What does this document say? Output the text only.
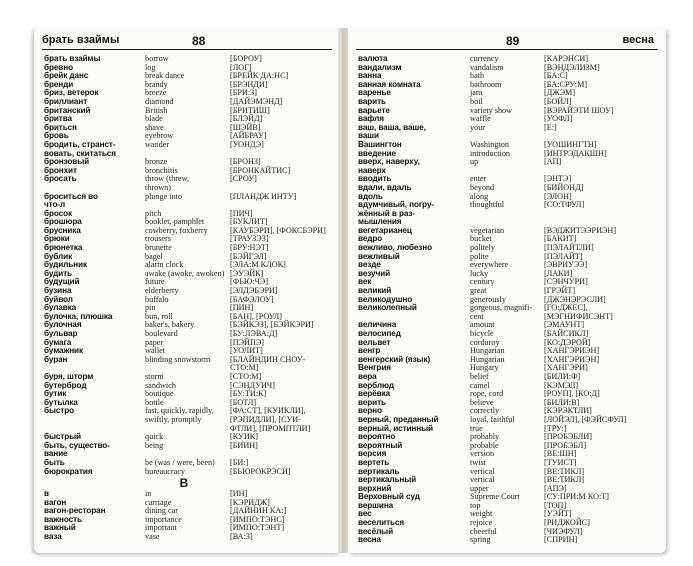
брать взаймы	88
брать взаймы	borrow	[БОРОУ]
бревно	log	[ЛОГ]
брейк данс	break dance	[БРЕЙК ДА:НС]
бренди	brandy	[БРЭНДИ]
бриз, ветерок	breeze	[БРИ:З]
бриллиант	diamond	[ДАЙЭМЭНД]
британский	British	[БРИТИШ]
бритва	blade	[БЛЭЙД]
бриться	shave	[ШЭЙВ]
бровь	eyebrow	[АЙБРАУ]
бродить, странст-	wander	[УОНДЭ]
вовать, скитаться
бронзовый	bronze	[БРОНЗ]
бронхит	bronchitis	[БРОНКАЙТИС]
бросать	throw (threw,	[СРОУ]
thrown)
броситься во	plunge into	[ПЛАНДЖ ИНТУ]
что-л
бросок	pitch	[ПИЧ]
брошюра	booklet, pamphlet	[БУКЛИТ]
брусника	cowberry, foxberry	[КАУБЭРИ], [ФОКСБЭРИ]
брюки	trousers	[ТРАУЗЭЗ]
брюнетка	brunette	[БРУ:НЭТ]
бублик	bagel	[БЭЙГЭЛ]
будильник	alarm clock	[ЭЛА:М КЛОК]
будить	awake (awoke, awoken) [ЭУЭЙК]
будущий	future	[ФЬЮ:ЧЭ]
бузина	elderberry	[ЭЛДЭБЭРИ]
буйвол	buffalo	[БАФЭЛОУ]
булавка	pin	[ПИН]
булочка, плюшка	bun, roll	[БАН], [РОУЛ]
булочная	baker's, bakery	[БЭЙКЭЗ], [БЭЙКЭРИ]
бульвар	boulevard	[БУ:ЛЭВА:Д]
бумага	paper	[ПЭЙПЭ]
бумажник	wallet	[УОЛИТ]
буран	blinding snowstorm [БЛАЙНДИН СНОУ-
СТО:М]
буря, шторм	storm	[СТО:М]
бутерброд	sandwich	[СЭНДУИЧ]
бутик	boutique	[БУ:ТИ:К]
бутылка	bottle	[БОТЛ]
быстро	fast, quickly, rapidly, [ФА:СТ], [КУИКЛИ],
swiftly, promptly	[РЭПИДЛИ], [СУИ-
ФТЛИ], [ПРОМПТЛИ]
быстрый	quick	[КУИК]
быть, существо-	being	[БИИН]
вание
быть	be (was / were, been) [БИ:]
бюрократия	bureaucracy	[БЬЮРОКРЭСИ]
В
в	in	[ИН]
вагон	carriage	[КЭРИДЖ]
вагон-ресторан	dining car	[ДАЙНИН КА:]
важность	importance	[ИМПО:ТЭНС]
важный	important	[ИМПО:ТЭНТ]
ваза	vase	[ВА:З]
89	весна
валюта	currency	[КАРЭНСИ]
вандализм	vandalism	[ВЭНДЭЛИЗМ]
ванна	bath	[БА:С]
ванная комната	bathroom	[БА:СРУ:М]
варенье	jam	[ДЖЭМ]
варить	boil	[БОЙЛ]
варьете	variety show	[ВЭРАЙЭТИ ШОУ]
вафля	waffle	[УОФЛ]
ваш, ваша, ваше,	your	[Е:]
ваши
Вашингтон	Washington	[УОШИНГТН]
введение	introduction	[ИНТРЭДАКШН]
вверх, наверху,	up	[АП]
наверх
вводить	enter	[ЭНТЭ]
вдали, вдаль	beyond	[БИЙОНД]
вдоль	along	[ЭЛОН]
вдумчивый, погру-	thoughtful	[СО:ТФУЛ]
жённый в раз-
мышления
вегетарианец	vegetarian	[ВЭДЖИТЭЭРИЭН]
ведро	bucket	[БАКИТ]
вежливо, любезно	politely	[ПЭЛАЙТЛИ]
вежливый	polite	[ПЭЛАЙТ]
везде	everywhere	[ЭВРИУЭЭ]
везучий	lucky	[ЛАКИ]
век	century	[СЭНЧУРИ]
великий	great	[ГРЭЙТ]
великодушно	generously	[ДЖЭНЭРЭСЛИ]
великолепный	gorgeous, magnifi- [ГО:ДЖЕС],
cent	[МЭГНИФИСЭНТ]
величина	amount	[ЭМАУНТ]
велосипед	bicycle	[БАЙСИКЛ]
вельвет	corduroy	[КО:ДЭРОЙ]
венгр	Hungarian	[ХАНГЭРИЭН]
венгерский (язык)	Hungarian	[ХАНГЭРИЭН]
Венгрия	Hungary	[ХАНГЭРИ]
вера	belief	[БИЛИ:Ф]
верблюд	camel	[КЭМЭЛ]
верёвка	rope, cord	[РОУП], [КО:Д]
верить	believe	[БИЛИ:В]
верно	correctly	[КЭРЭКТЛИ]
верный, преданный	loyal, faithful	[ЛОЙЭЛ], [ФЭЙСФУЛ]
верный, истинный	true	[ТРУ:]
вероятно	probably	[ПРОБЭБЛИ]
вероятный	probable	[ПРОБЭБЛ]
версия	version	[ВЕ:ШН]
вертеть	twist	[ТУИСТ]
вертикаль	vertical	[ВЕ:ТИКЛ]
вертикальный	vertical	[ВЕ:ТИКЛ]
верхний	upper	[АПЭ]
Верховный суд	Supreme Court	[СУ:ПРИ:М КО:Т]
вершина	top	[ТОП]
вес	weight	[УЭЙТ]
веселиться	rejoice	[РИДЖОЙС]
весёлый	cheerful	[ЧИЭФУЛ]
весна	spring	[СПРИН]
